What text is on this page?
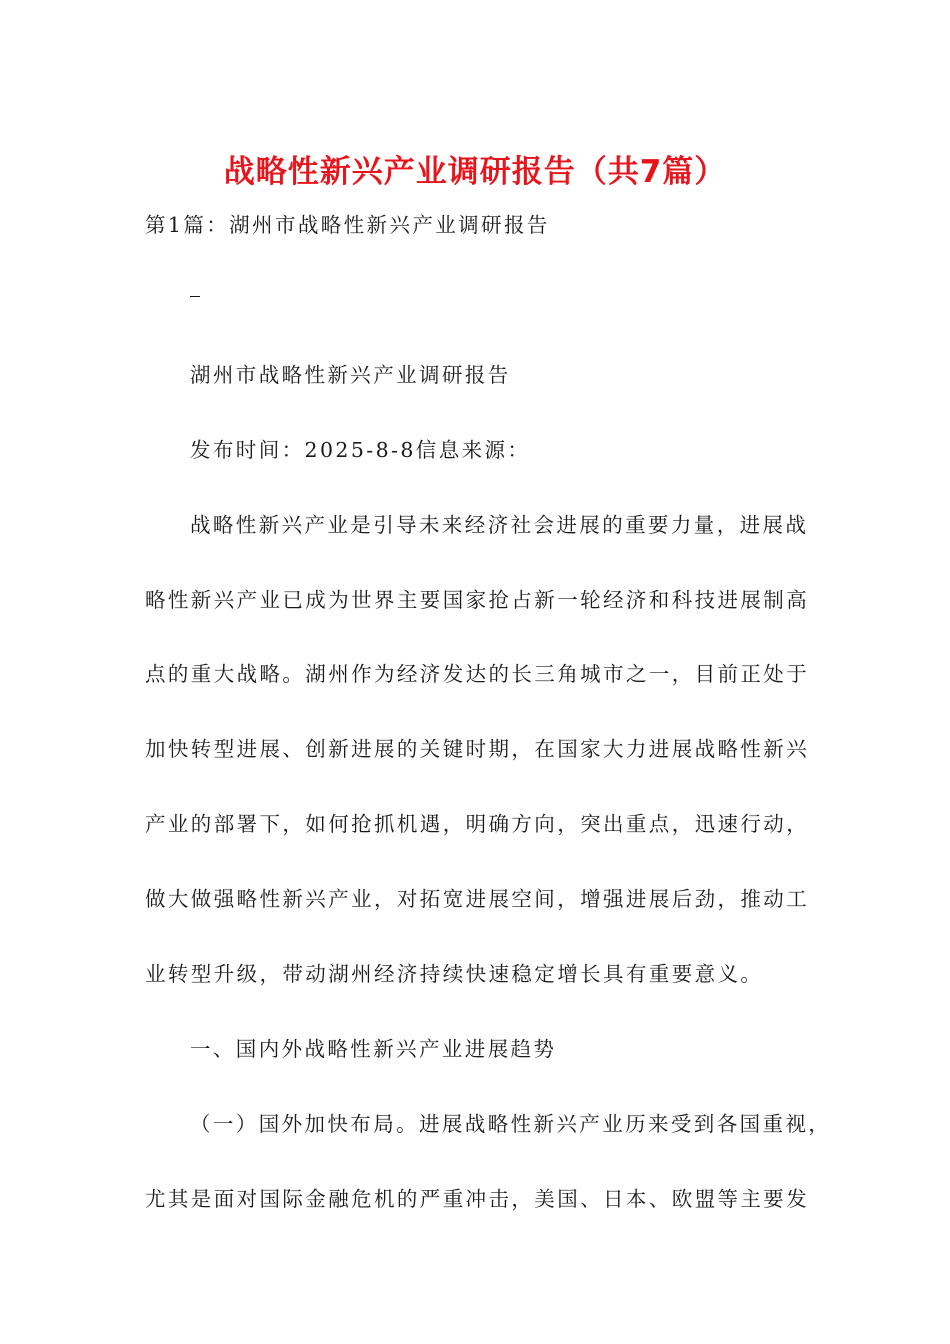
战略性新兴产业调研报告（共7篇）
第1篇：湖州市战略性新兴产业调研报告
湖州市战略性新兴产业调研报告
发布时间：2025-8-8信息来源：
战略性新兴产业是引导未来经济社会进展的重要力量，进展战
略性新兴产业已成为世界主要国家抢占新一轮经济和科技进展制高
点的重大战略。湖州作为经济发达的长三角城市之一，目前正处于
加快转型进展、创新进展的关键时期，在国家大力进展战略性新兴
产业的部署下，如何抢抓机遇，明确方向，突出重点，迅速行动，
做大做强略性新兴产业，对拓宽进展空间，增强进展后劲，推动工
业转型升级，带动湖州经济持续快速稳定增长具有重要意义。
一、国内外战略性新兴产业进展趋势
（一）国外加快布局。进展战略性新兴产业历来受到各国重视，
尤其是面对国际金融危机的严重冲击，美国、日本、欧盟等主要发
